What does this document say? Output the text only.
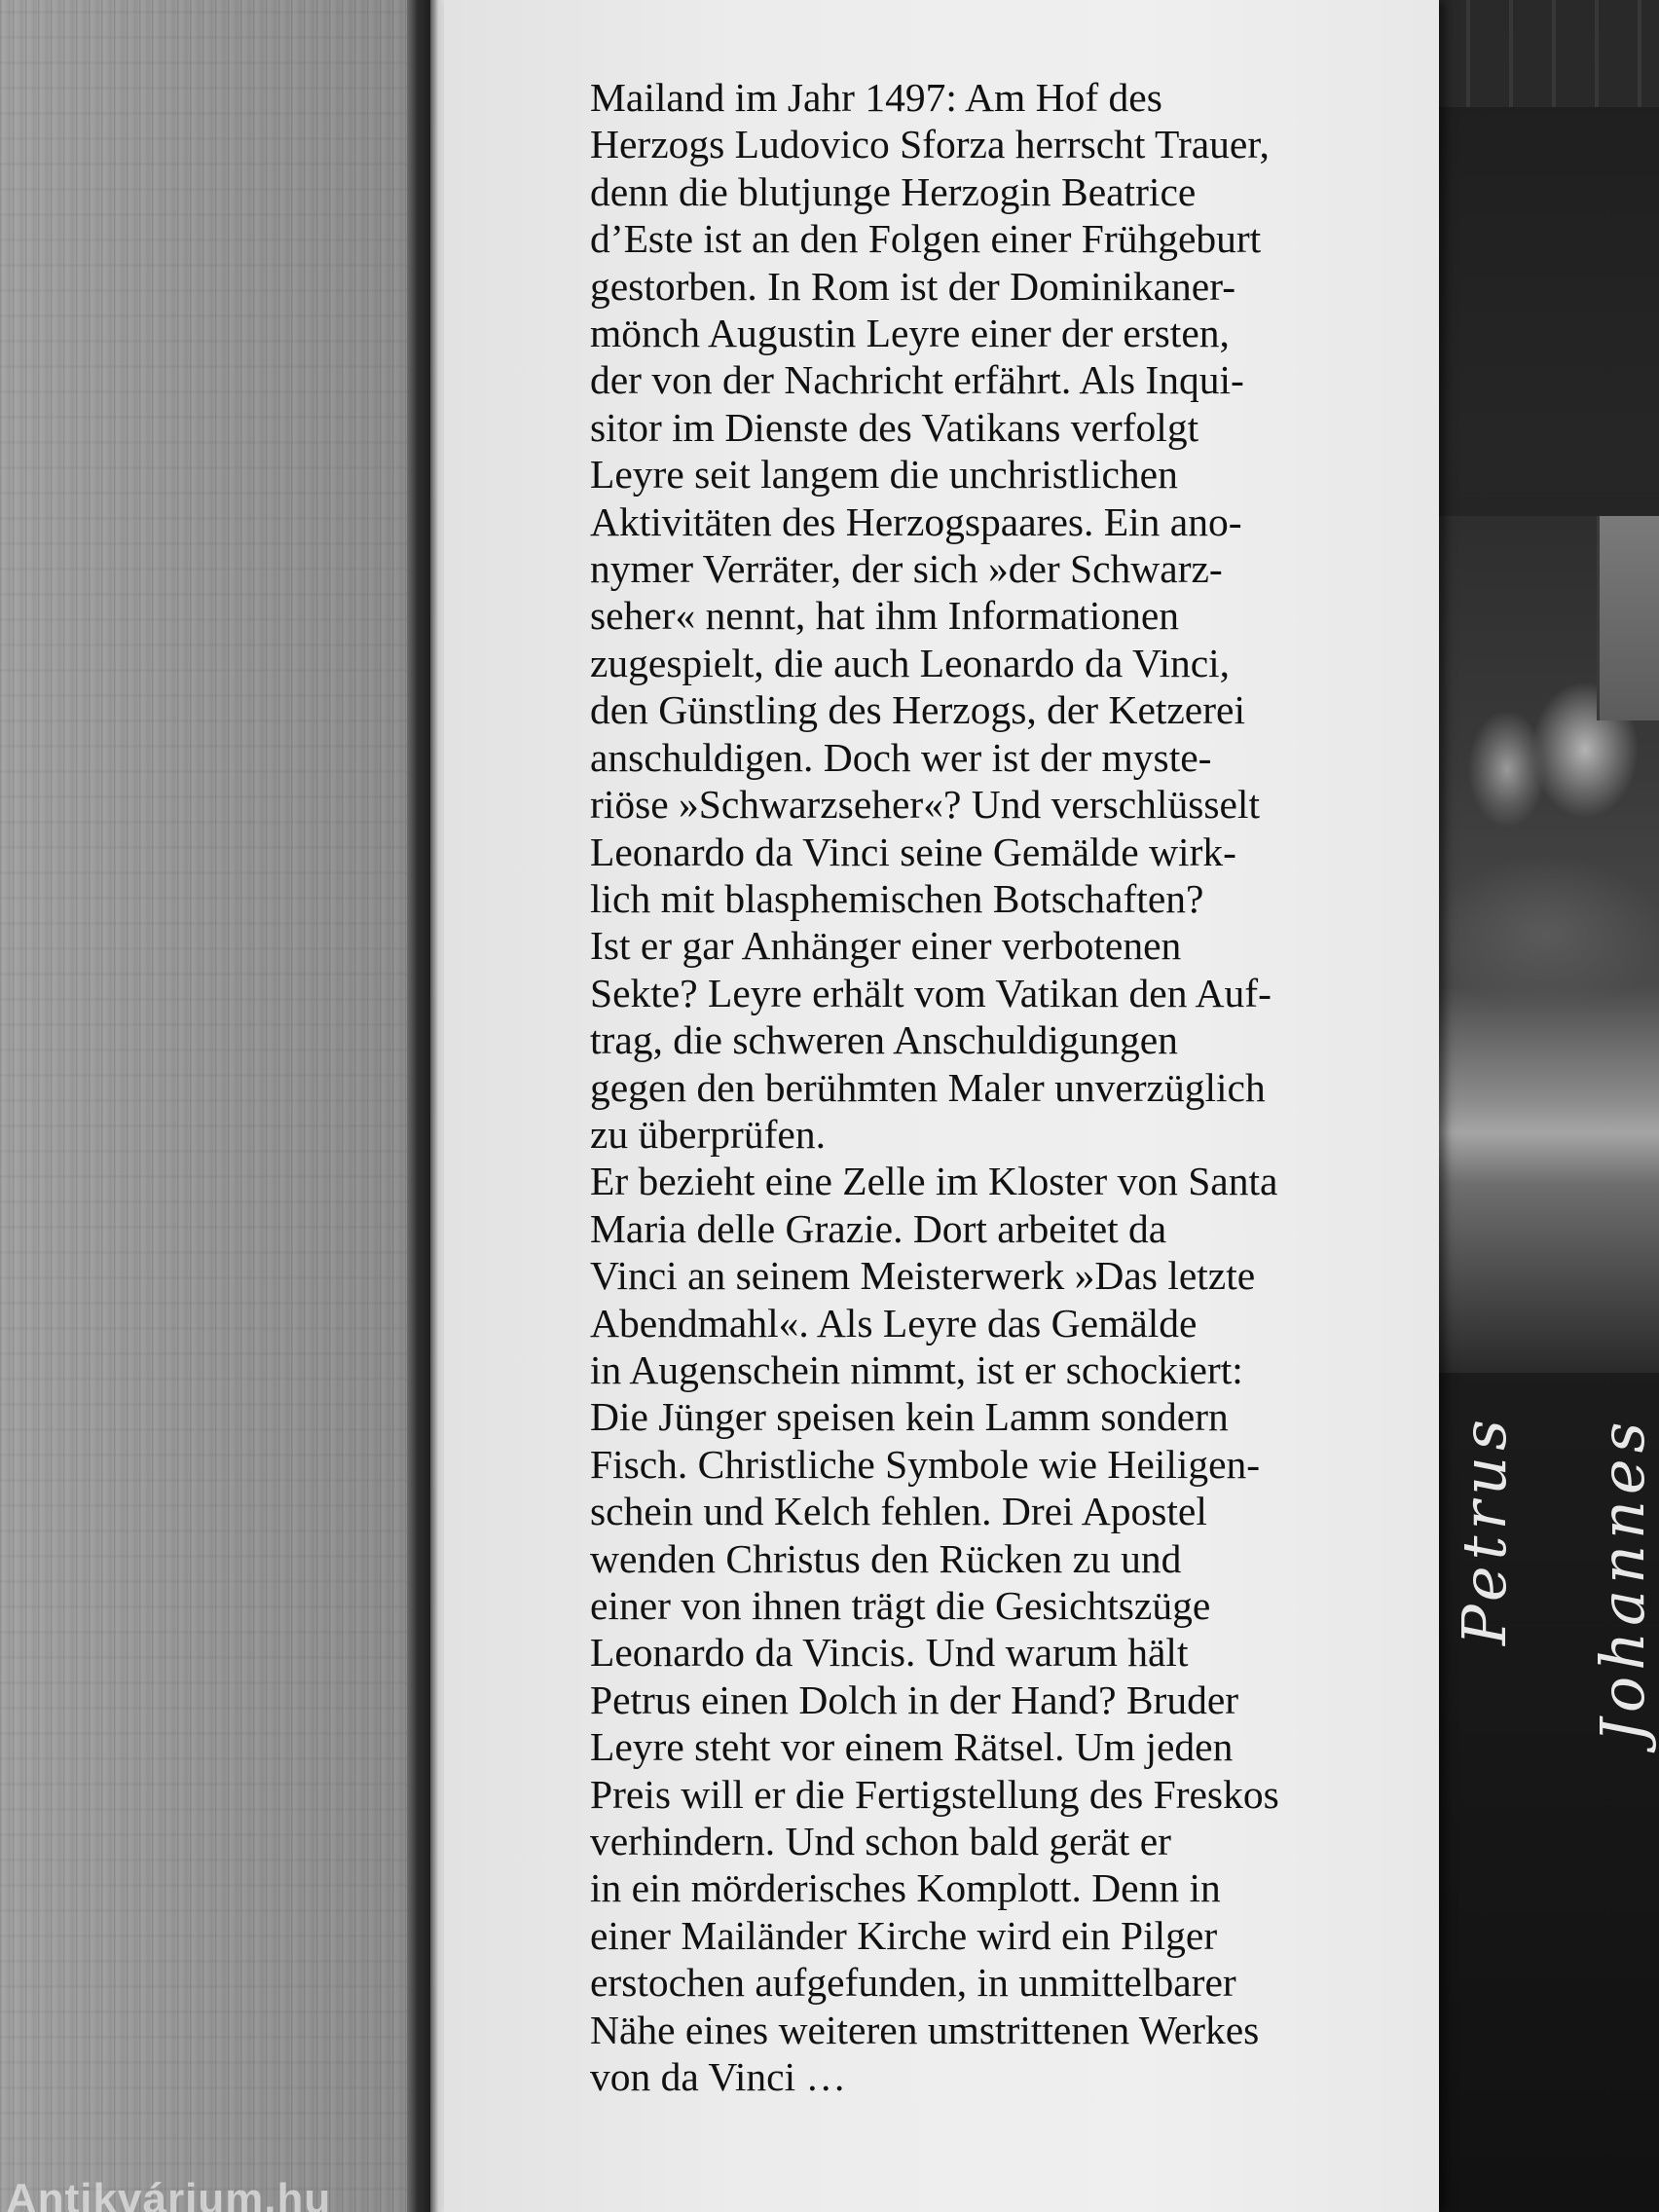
Petrus Johannes
Mailand im Jahr 1497: Am Hof des
Herzogs Ludovico Sforza herrscht Trauer,
denn die blutjunge Herzogin Beatrice
d’Este ist an den Folgen einer Frühgeburt
gestorben. In Rom ist der Dominikaner-
mönch Augustin Leyre einer der ersten,
der von der Nachricht erfährt. Als Inqui-
sitor im Dienste des Vatikans verfolgt
Leyre seit langem die unchristlichen
Aktivitäten des Herzogspaares. Ein ano-
nymer Verräter, der sich »der Schwarz-
seher« nennt, hat ihm Informationen
zugespielt, die auch Leonardo da Vinci,
den Günstling des Herzogs, der Ketzerei
anschuldigen. Doch wer ist der myste-
riöse »Schwarzseher«? Und verschlüsselt
Leonardo da Vinci seine Gemälde wirk-
lich mit blasphemischen Botschaften?
Ist er gar Anhänger einer verbotenen
Sekte? Leyre erhält vom Vatikan den Auf-
trag, die schweren Anschuldigungen
gegen den berühmten Maler unverzüglich
zu überprüfen.
Er bezieht eine Zelle im Kloster von Santa
Maria delle Grazie. Dort arbeitet da
Vinci an seinem Meisterwerk »Das letzte
Abendmahl«. Als Leyre das Gemälde
in Augenschein nimmt, ist er schockiert:
Die Jünger speisen kein Lamm sondern
Fisch. Christliche Symbole wie Heiligen-
schein und Kelch fehlen. Drei Apostel
wenden Christus den Rücken zu und
einer von ihnen trägt die Gesichtszüge
Leonardo da Vincis. Und warum hält
Petrus einen Dolch in der Hand? Bruder
Leyre steht vor einem Rätsel. Um jeden
Preis will er die Fertigstellung des Freskos
verhindern. Und schon bald gerät er
in ein mörderisches Komplott. Denn in
einer Mailänder Kirche wird ein Pilger
erstochen aufgefunden, in unmittelbarer
Nähe eines weiteren umstrittenen Werkes
von da Vinci …
Antikvárium.hu
